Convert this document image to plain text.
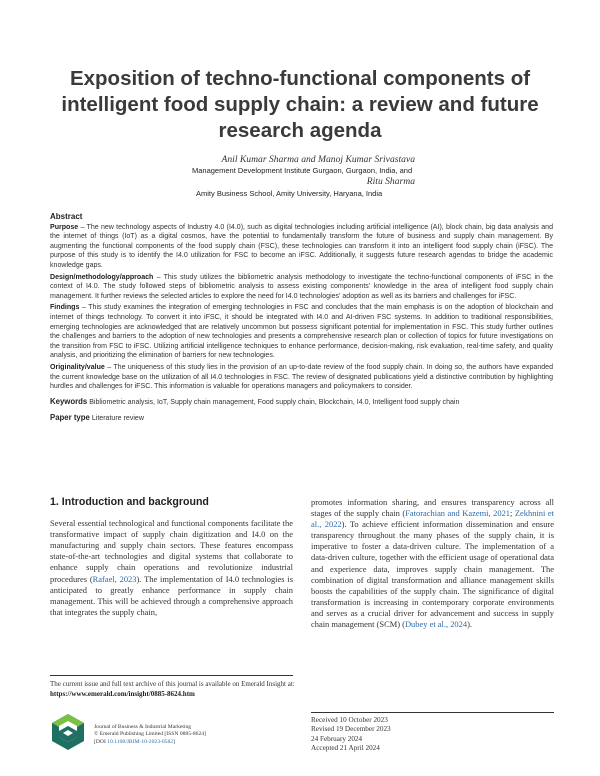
Exposition of techno-functional components of intelligent food supply chain: a review and future research agenda

Anil Kumar Sharma and Manoj Kumar Srivastava

Management Development Institute Gurgaon, Gurgaon, India, and

Ritu Sharma

Amity Business School, Amity University, Haryana, India

Abstract

Purpose – The new technology aspects of Industry 4.0 (I4.0), such as digital technologies including artificial intelligence (AI), block chain, big data analysis and the internet of things (IoT) as a digital cosmos, have the potential to fundamentally transform the future of business and supply chain management. By augmenting the functional components of the food supply chain (FSC), these technologies can transform it into an intelligent food supply chain (iFSC). The purpose of this study is to identify the I4.0 utilization for FSC to become an iFSC. Additionally, it suggests future research agendas to bridge the academic knowledge gaps.

Design/methodology/approach – This study utilizes the bibliometric analysis methodology to investigate the techno-functional components of iFSC in the context of I4.0. The study followed steps of bibliometric analysis to assess existing components' knowledge in the area of intelligent food supply chain management. It further reviews the selected articles to explore the need for I4.0 technologies' adoption as well as its barriers and challenges for iFSC.

Findings – This study examines the integration of emerging technologies in FSC and concludes that the main emphasis is on the adoption of blockchain and internet of things technology. To convert it into iFSC, it should be integrated with I4.0 and AI-driven FSC systems. In addition to traditional responsibilities, emerging technologies are acknowledged that are relatively uncommon but possess significant potential for implementation in FSC. This study further outlines the challenges and barriers to the adoption of new technologies and presents a comprehensive research plan or collection of topics for future investigations on the transition from FSC to iFSC. Utilizing artificial intelligence techniques to enhance performance, decision-making, risk evaluation, real-time safety, and quality analysis, and prioritizing the elimination of barriers for new technologies.

Originality/value – The uniqueness of this study lies in the provision of an up-to-date review of the food supply chain. In doing so, the authors have expanded the current knowledge base on the utilization of all I4.0 technologies in FSC. The review of designated publications yield a distinctive contribution by highlighting hurdles and challenges for iFSC. This information is valuable for operations managers and policymakers to consider.

Keywords Bibliometric analysis, IoT, Supply chain management, Food supply chain, Blockchain, I4.0, Intelligent food supply chain

Paper type Literature review

1. Introduction and background

Several essential technological and functional components facilitate the transformative impact of supply chain digitization and I4.0 on the manufacturing and supply chain sectors. These features encompass state-of-the-art technologies and digital systems that collaborate to enhance supply chain operations and revolutionize industrial procedures (Rafael, 2023). The implementation of I4.0 technologies is anticipated to greatly enhance performance in supply chain management. This will be achieved through a comprehensive approach that integrates the supply chain,

promotes information sharing, and ensures transparency across all stages of the supply chain (Fatorachian and Kazemi, 2021; Zekhnini et al., 2022). To achieve efficient information dissemination and ensure transparency throughout the many phases of the supply chain, it is imperative to foster a data-driven culture. The implementation of a data-driven culture, together with the efficient usage of operational data and experience data, improves supply chain management. The combination of digital transformation and alliance management skills boosts the capabilities of the supply chain. The significance of digital transformation is increasing in contemporary corporate environments and serves as a crucial driver for advancement and success in supply chain management (SCM) (Dubey et al., 2024).

The current issue and full text archive of this journal is available on Emerald Insight at: https://www.emerald.com/insight/0885-8624.htm

Journal of Business & Industrial Marketing
© Emerald Publishing Limited [ISSN 0885-8624]
[DOI 10.1108/JBIM-10-2023-0582]
Received 10 October 2023
Revised 19 December 2023
24 February 2024
Accepted 21 April 2024
